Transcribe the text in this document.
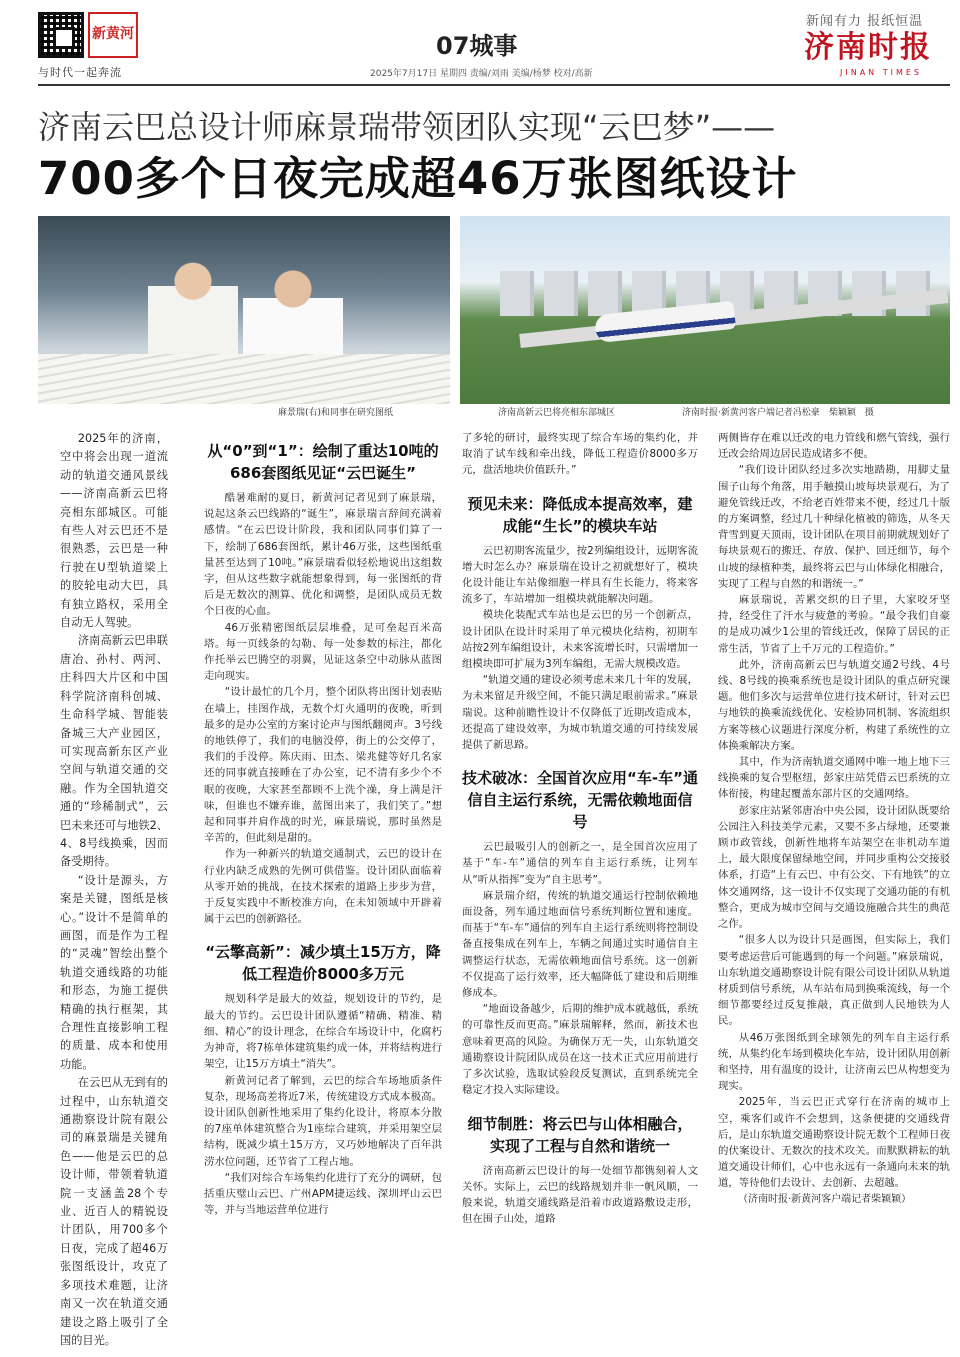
新黄河
与时代一起奔流
07城事
2025年7月17日 星期四 责编/刘雨 美编/杨梦 校对/高新
新闻有力 报纸恒温
济南时报
JINAN TIMES
济南云巴总设计师麻景瑞带领团队实现“云巴梦”——
700多个日夜完成超46万张图纸设计
麻景瑞(右)和同事在研究图纸	济南高新云巴将亮相东部城区	济南时报·新黄河客户端记者冯松豪　柴颖颖　摄

2025年的济南，空中将会出现一道流动的轨道交通风景线——济南高新云巴将亮相东部城区。可能有些人对云巴还不是很熟悉，云巴是一种行驶在U型轨道梁上的胶轮电动大巴，具有独立路权，采用全自动无人驾驶。

济南高新云巴串联唐冶、孙村、两河、庄科四大片区和中国科学院济南科创城、生命科学城、智能装备城三大产业园区，可实现高新东区产业空间与轨道交通的交融。作为全国轨道交通的“珍稀制式”，云巴未来还可与地铁2、4、8号线换乘，因而备受期待。

“设计是源头，方案是关键，图纸是核心。”设计不是简单的画图，而是作为工程的“灵魂”智绘出整个轨道交通线路的功能和形态，为施工提供精确的执行框架，其合理性直接影响工程的质量、成本和使用功能。

在云巴从无到有的过程中，山东轨道交通勘察设计院有限公司的麻景瑞是关键角色——他是云巴的总设计师，带领着轨道院一支涵盖28个专业、近百人的精锐设计团队，用700多个日夜，完成了超46万张图纸设计，攻克了多项技术难题，让济南又一次在轨道交通建设之路上吸引了全国的目光。

从“0”到“1”：绘制了重达10吨的686套图纸见证“云巴诞生”

酷暑难耐的夏日，新黄河记者见到了麻景瑞，说起这条云巴线路的“诞生”，麻景瑞言辞间充满着感情。“在云巴设计阶段，我和团队同事们算了一下，绘制了686套图纸，累计46万张，这些图纸重量甚至达到了10吨。”麻景瑞看似轻松地说出这组数字，但从这些数字就能想象得到，每一张图纸的背后是无数次的测算、优化和调整，是团队成员无数个日夜的心血。

46万张精密图纸层层堆叠，足可垒起百米高塔。每一页线条的勾勒、每一处参数的标注，都化作托举云巴腾空的羽翼，见证这条空中动脉从蓝图走向现实。

“设计最忙的几个月，整个团队将出图计划表贴在墙上，挂图作战，无数个灯火通明的夜晚，听到最多的是办公室的方案讨论声与图纸翻阅声。3号线的地铁停了，我们的电脑没停，街上的公交停了，我们的手没停。陈庆雨、田杰、梁兆健等好几名家还的同事就直接睡在了办公室，记不清有多少个不眠的夜晚，大家甚至都顾不上洗个澡，身上满是汗味，但谁也不嫌弃谁，蓝图出来了，我们笑了。”想起和同事并肩作战的时光，麻景瑞说，那时虽然是辛苦的，但此刻是甜的。

作为一种新兴的轨道交通制式，云巴的设计在行业内缺乏成熟的先例可供借鉴。设计团队面临着从零开始的挑战，在技术探索的道路上步步为营，于反复实践中不断校准方向，在未知领域中开辟着属于云巴的创新路径。

“云擎高新”：减少填土15万方，降低工程造价8000多万元

规划科学是最大的效益，规划设计的节约，是最大的节约。云巴设计团队遵循“精确、精准、精细、精心”的设计理念，在综合车场设计中，化腐朽为神奇，将7栋单体建筑集约成一体，并将结构进行架空，让15万方填土“消失”。

新黄河记者了解到，云巴的综合车场地质条件复杂，现场高差将近7米，传统建设方式成本极高。设计团队创新性地采用了集约化设计，将原本分散的7座单体建筑整合为1座综合建筑，并采用架空层结构，既减少填土15万方，又巧妙地解决了百年洪涝水位问题，还节省了工程占地。

“我们对综合车场集约化进行了充分的调研，包括重庆璧山云巴、广州APM捷运线、深圳坪山云巴等，并与当地运营单位进行

了多轮的研讨，最终实现了综合车场的集约化，并取消了试车线和牵出线，降低工程造价8000多万元，盘活地块价值跃升。”

预见未来：降低成本提高效率，建成能“生长”的模块车站

云巴初期客流量少，按2列编组设计，远期客流增大时怎么办？麻景瑞在设计之初就想好了，模块化设计能让车站像细胞一样具有生长能力，将来客流多了，车站增加一组模块就能解决问题。

模块化装配式车站也是云巴的另一个创新点，设计团队在设计时采用了单元模块化结构，初期车站按2列车编组设计，未来客流增长时，只需增加一组模块即可扩展为3列车编组，无需大规模改造。

“轨道交通的建设必须考虑未来几十年的发展，为未来留足升级空间，不能只满足眼前需求。”麻景瑞说。这种前瞻性设计不仅降低了近期改造成本，还提高了建设效率，为城市轨道交通的可持续发展提供了新思路。

技术破冰：全国首次应用“车-车”通信自主运行系统，无需依赖地面信号

云巴最吸引人的创新之一，是全国首次应用了基于“车-车”通信的列车自主运行系统，让列车从“听从指挥”变为“自主思考”。

麻景瑞介绍，传统的轨道交通运行控制依赖地面设备，列车通过地面信号系统判断位置和速度。而基于“车-车”通信的列车自主运行系统则将控制设备直接集成在列车上，车辆之间通过实时通信自主调整运行状态，无需依赖地面信号系统。这一创新不仅提高了运行效率，还大幅降低了建设和后期维修成本。

“地面设备越少，后期的维护成本就越低，系统的可靠性反而更高。”麻景瑞解释，然而，新技术也意味着更高的风险。为确保万无一失，山东轨道交通勘察设计院团队成员在这一技术正式应用前进行了多次试验，选取试验段反复测试，直到系统完全稳定才投入实际建设。

细节制胜：将云巴与山体相融合，实现了工程与自然和谐统一

济南高新云巴设计的每一处细节都镌刻着人文关怀。实际上，云巴的线路规划并非一帆风顺，一般来说，轨道交通线路是沿着市政道路敷设走形，但在围子山处，道路

两侧皆存在难以迁改的电力管线和燃气管线，强行迁改会给周边居民造成诸多不便。

“我们设计团队经过多次实地踏勘，用脚丈量围子山每个角落，用手触摸山坡每块景观石，为了避免管线迁改，不给老百姓带来不便，经过几十版的方案调整，经过几十种绿化植被的筛选，从冬天背雪到夏天顶雨，设计团队在项目前期就规划好了每块景观石的搬迁、存放、保护、回迁细节，每个山坡的绿植种类，最终将云巴与山体绿化相融合，实现了工程与自然的和谐统一。”

麻景瑞说，苦累交织的日子里，大家咬牙坚持，经受住了汗水与疲惫的考验。“最令我们自豪的是成功减少1公里的管线迁改，保障了居民的正常生活，节省了上千万元的工程造价。”

此外，济南高新云巴与轨道交通2号线、4号线、8号线的换乘系统也是设计团队的重点研究课题。他们多次与运营单位进行技术研讨，针对云巴与地铁的换乘流线优化、安检协同机制、客流组织方案等核心议题进行深度分析，构建了系统性的立体换乘解决方案。

其中，作为济南轨道交通网中唯一地上地下三线换乘的复合型枢纽，彭家庄站凭借云巴系统的立体衔接，构建起覆盖东部片区的交通网络。

彭家庄站紧邻唐冶中央公园，设计团队既要给公园注入科技美学元素，又要不多占绿地，还要兼顾市政管线，创新性地将车站架空在非机动车道上，最大限度保留绿地空间，并同步重构公交接驳体系，打造“上有云巴、中有公交、下有地铁”的立体交通网络，这一设计不仅实现了交通功能的有机整合，更成为城市空间与交通设施融合共生的典范之作。

“很多人以为设计只是画图，但实际上，我们要考虑运营后可能遇到的每一个问题。”麻景瑞说，山东轨道交通勘察设计院有限公司设计团队从轨道材质到信号系统，从车站布局到换乘流线，每一个细节都要经过反复推敲，真正做到人民地铁为人民。

从46万张图纸到全球领先的列车自主运行系统，从集约化车场到模块化车站，设计团队用创新和坚持，用有温度的设计，让济南云巴从构想变为现实。

2025年，当云巴正式穿行在济南的城市上空，乘客们或许不会想到，这条便捷的交通线背后，是山东轨道交通勘察设计院无数个工程师日夜的伏案设计、无数次的技术攻关。而默默耕耘的轨道交通设计师们，心中也永远有一条通向未来的轨道，等待他们去设计、去创新、去超越。

（济南时报·新黄河客户端记者柴颖颖）
